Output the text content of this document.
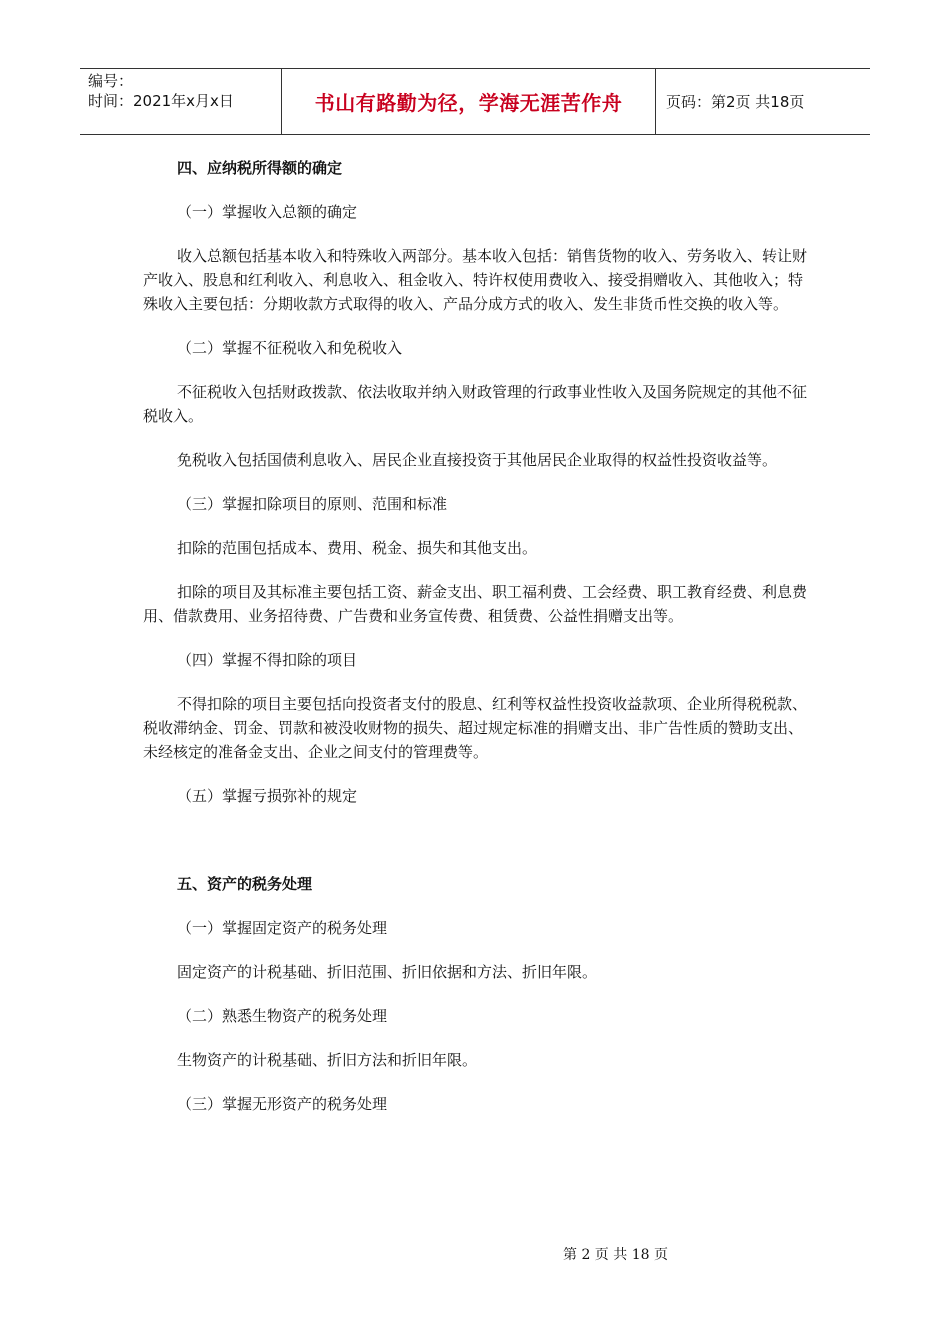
编号：
时间：2021年x月x日	书山有路勤为径，学海无涯苦作舟	页码：第2页 共18页

四、应纳税所得额的确定

（一）掌握收入总额的确定

收入总额包括基本收入和特殊收入两部分。基本收入包括：销售货物的收入、劳务收入、转让财产收入、股息和红利收入、利息收入、租金收入、特许权使用费收入、接受捐赠收入、其他收入；特殊收入主要包括：分期收款方式取得的收入、产品分成方式的收入、发生非货币性交换的收入等。

（二）掌握不征税收入和免税收入

不征税收入包括财政拨款、依法收取并纳入财政管理的行政事业性收入及国务院规定的其他不征税收入。

免税收入包括国债利息收入、居民企业直接投资于其他居民企业取得的权益性投资收益等。

（三）掌握扣除项目的原则、范围和标准

扣除的范围包括成本、费用、税金、损失和其他支出。

扣除的项目及其标准主要包括工资、薪金支出、职工福利费、工会经费、职工教育经费、利息费用、借款费用、业务招待费、广告费和业务宣传费、租赁费、公益性捐赠支出等。

（四）掌握不得扣除的项目

不得扣除的项目主要包括向投资者支付的股息、红利等权益性投资收益款项、企业所得税税款、税收滞纳金、罚金、罚款和被没收财物的损失、超过规定标准的捐赠支出、非广告性质的赞助支出、未经核定的准备金支出、企业之间支付的管理费等。

（五）掌握亏损弥补的规定

五、资产的税务处理

（一）掌握固定资产的税务处理

固定资产的计税基础、折旧范围、折旧依据和方法、折旧年限。

（二）熟悉生物资产的税务处理

生物资产的计税基础、折旧方法和折旧年限。

（三）掌握无形资产的税务处理

第 2 页 共 18 页
